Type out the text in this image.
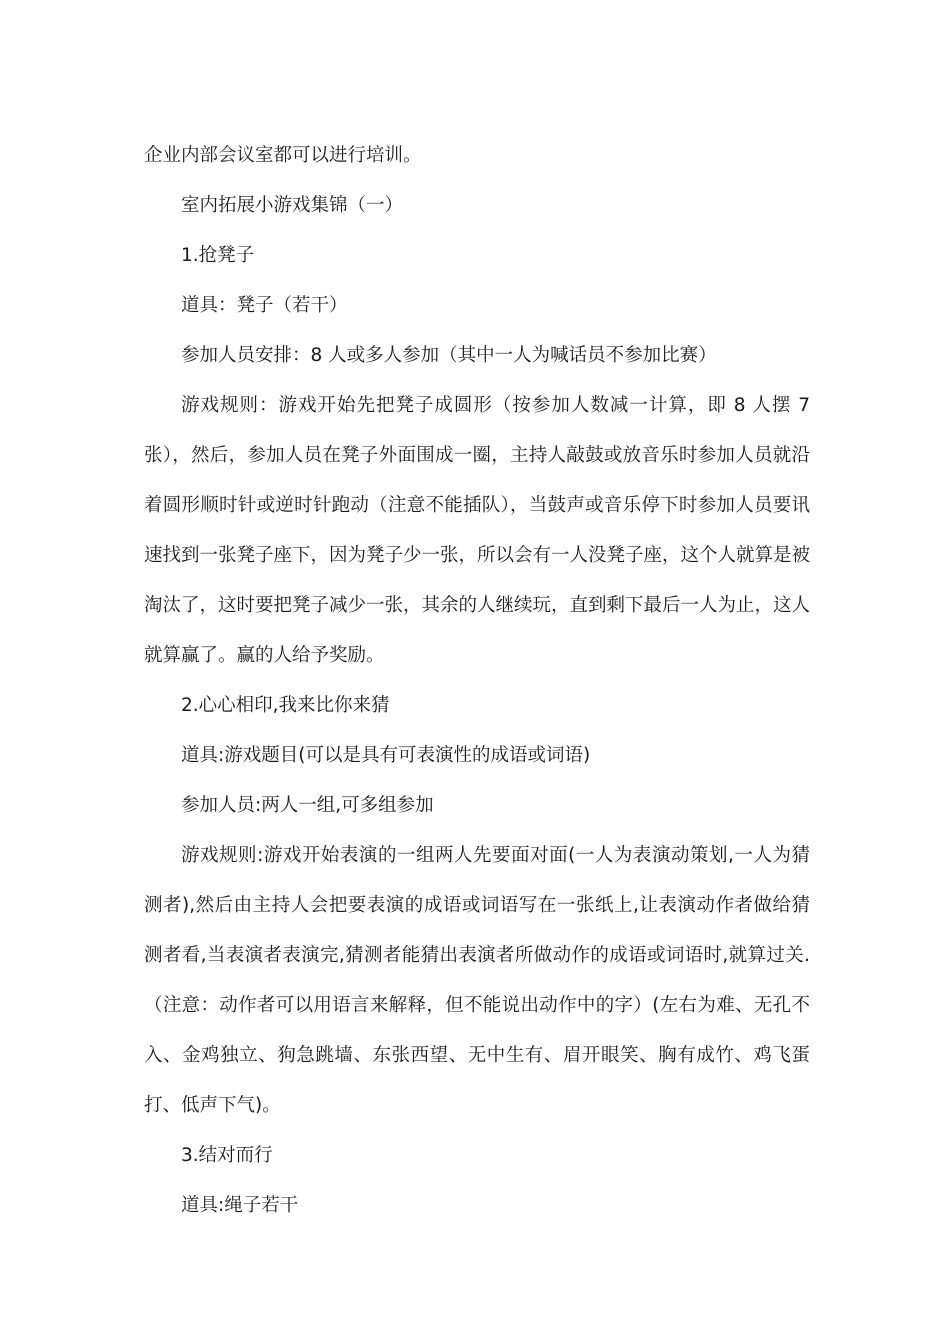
企业内部会议室都可以进行培训。

室内拓展小游戏集锦（一）

1.抢凳子

道具：凳子（若干）

参加人员安排：8 人或多人参加（其中一人为喊话员不参加比赛）

游戏规则：游戏开始先把凳子成圆形（按参加人数减一计算，即 8 人摆 7 张），然后，参加人员在凳子外面围成一圈，主持人敲鼓或放音乐时参加人员就沿着圆形顺时针或逆时针跑动（注意不能插队），当鼓声或音乐停下时参加人员要讯速找到一张凳子座下，因为凳子少一张，所以会有一人没凳子座，这个人就算是被淘汰了，这时要把凳子减少一张，其余的人继续玩，直到剩下最后一人为止，这人就算赢了。赢的人给予奖励。

2.心心相印,我来比你来猜

道具:游戏题目(可以是具有可表演性的成语或词语)

参加人员:两人一组,可多组参加

游戏规则:游戏开始表演的一组两人先要面对面(一人为表演动策划,一人为猜测者),然后由主持人会把要表演的成语或词语写在一张纸上,让表演动作者做给猜测者看,当表演者表演完,猜测者能猜出表演者所做动作的成语或词语时,就算过关.（注意：动作者可以用语言来解释，但不能说出动作中的字）(左右为难、无孔不入、金鸡独立、狗急跳墙、东张西望、无中生有、眉开眼笑、胸有成竹、鸡飞蛋打、低声下气)。

3.结对而行

道具:绳子若干
